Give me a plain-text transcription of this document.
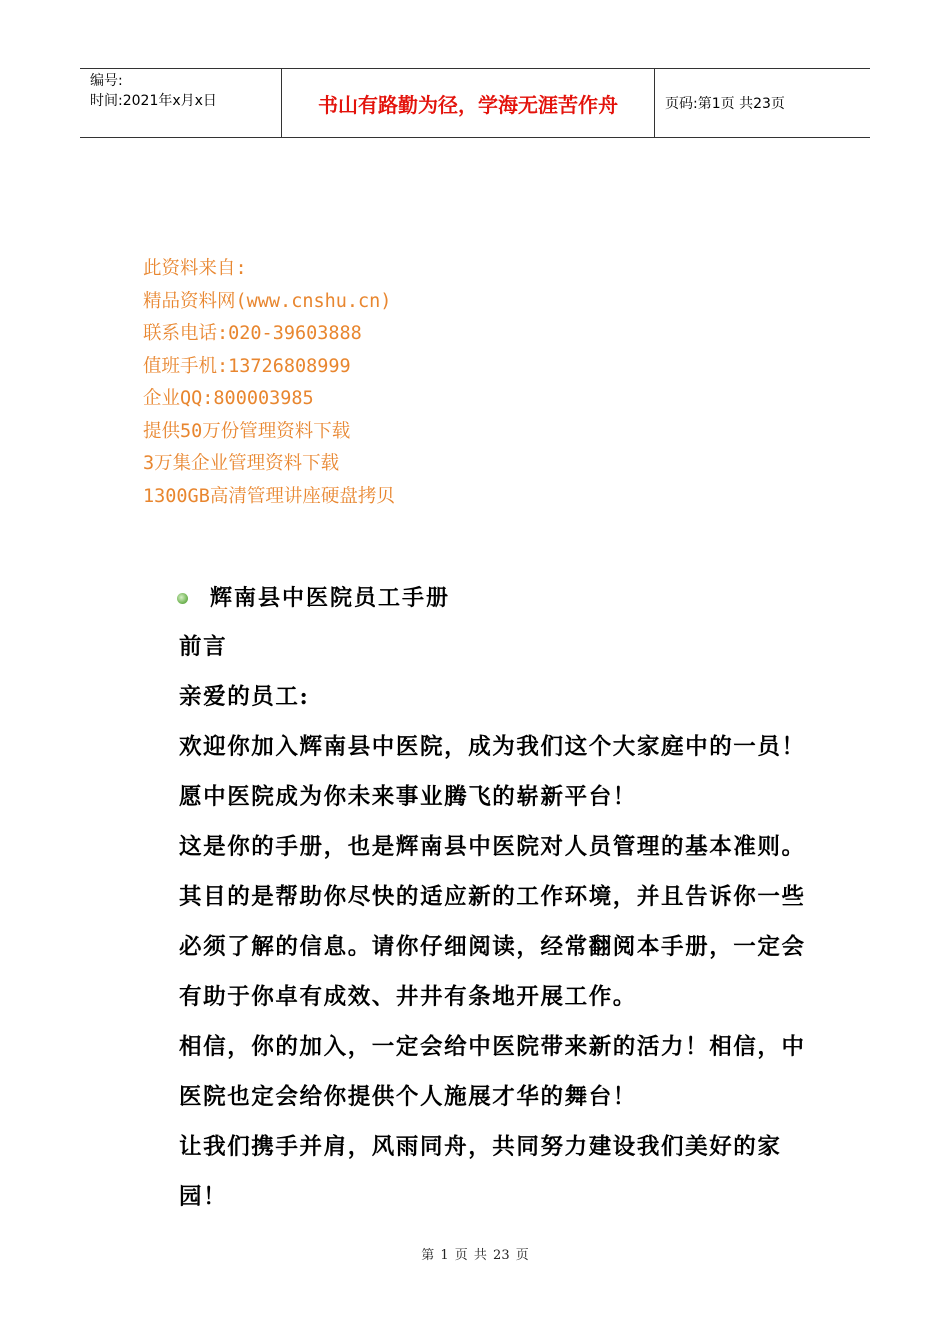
编号:
时间:2021年x月x日	书山有路勤为径，学海无涯苦作舟	页码:第1页 共23页
此资料来自:
精品资料网(www.cnshu.cn)
联系电话:020-39603888
值班手机:13726808999
企业QQ:800003985
提供50万份管理资料下载
3万集企业管理资料下载
1300GB高清管理讲座硬盘拷贝
辉南县中医院员工手册

前言

亲爱的员工:

欢迎你加入辉南县中医院，成为我们这个大家庭中的一员！愿中医院成为你未来事业腾飞的崭新平台！

这是你的手册，也是辉南县中医院对人员管理的基本准则。其目的是帮助你尽快的适应新的工作环境，并且告诉你一些必须了解的信息。请你仔细阅读，经常翻阅本手册，一定会有助于你卓有成效、井井有条地开展工作。

相信，你的加入，一定会给中医院带来新的活力！相信，中医院也定会给你提供个人施展才华的舞台！

让我们携手并肩，风雨同舟，共同努力建设我们美好的家园！

第 1 页 共 23 页
